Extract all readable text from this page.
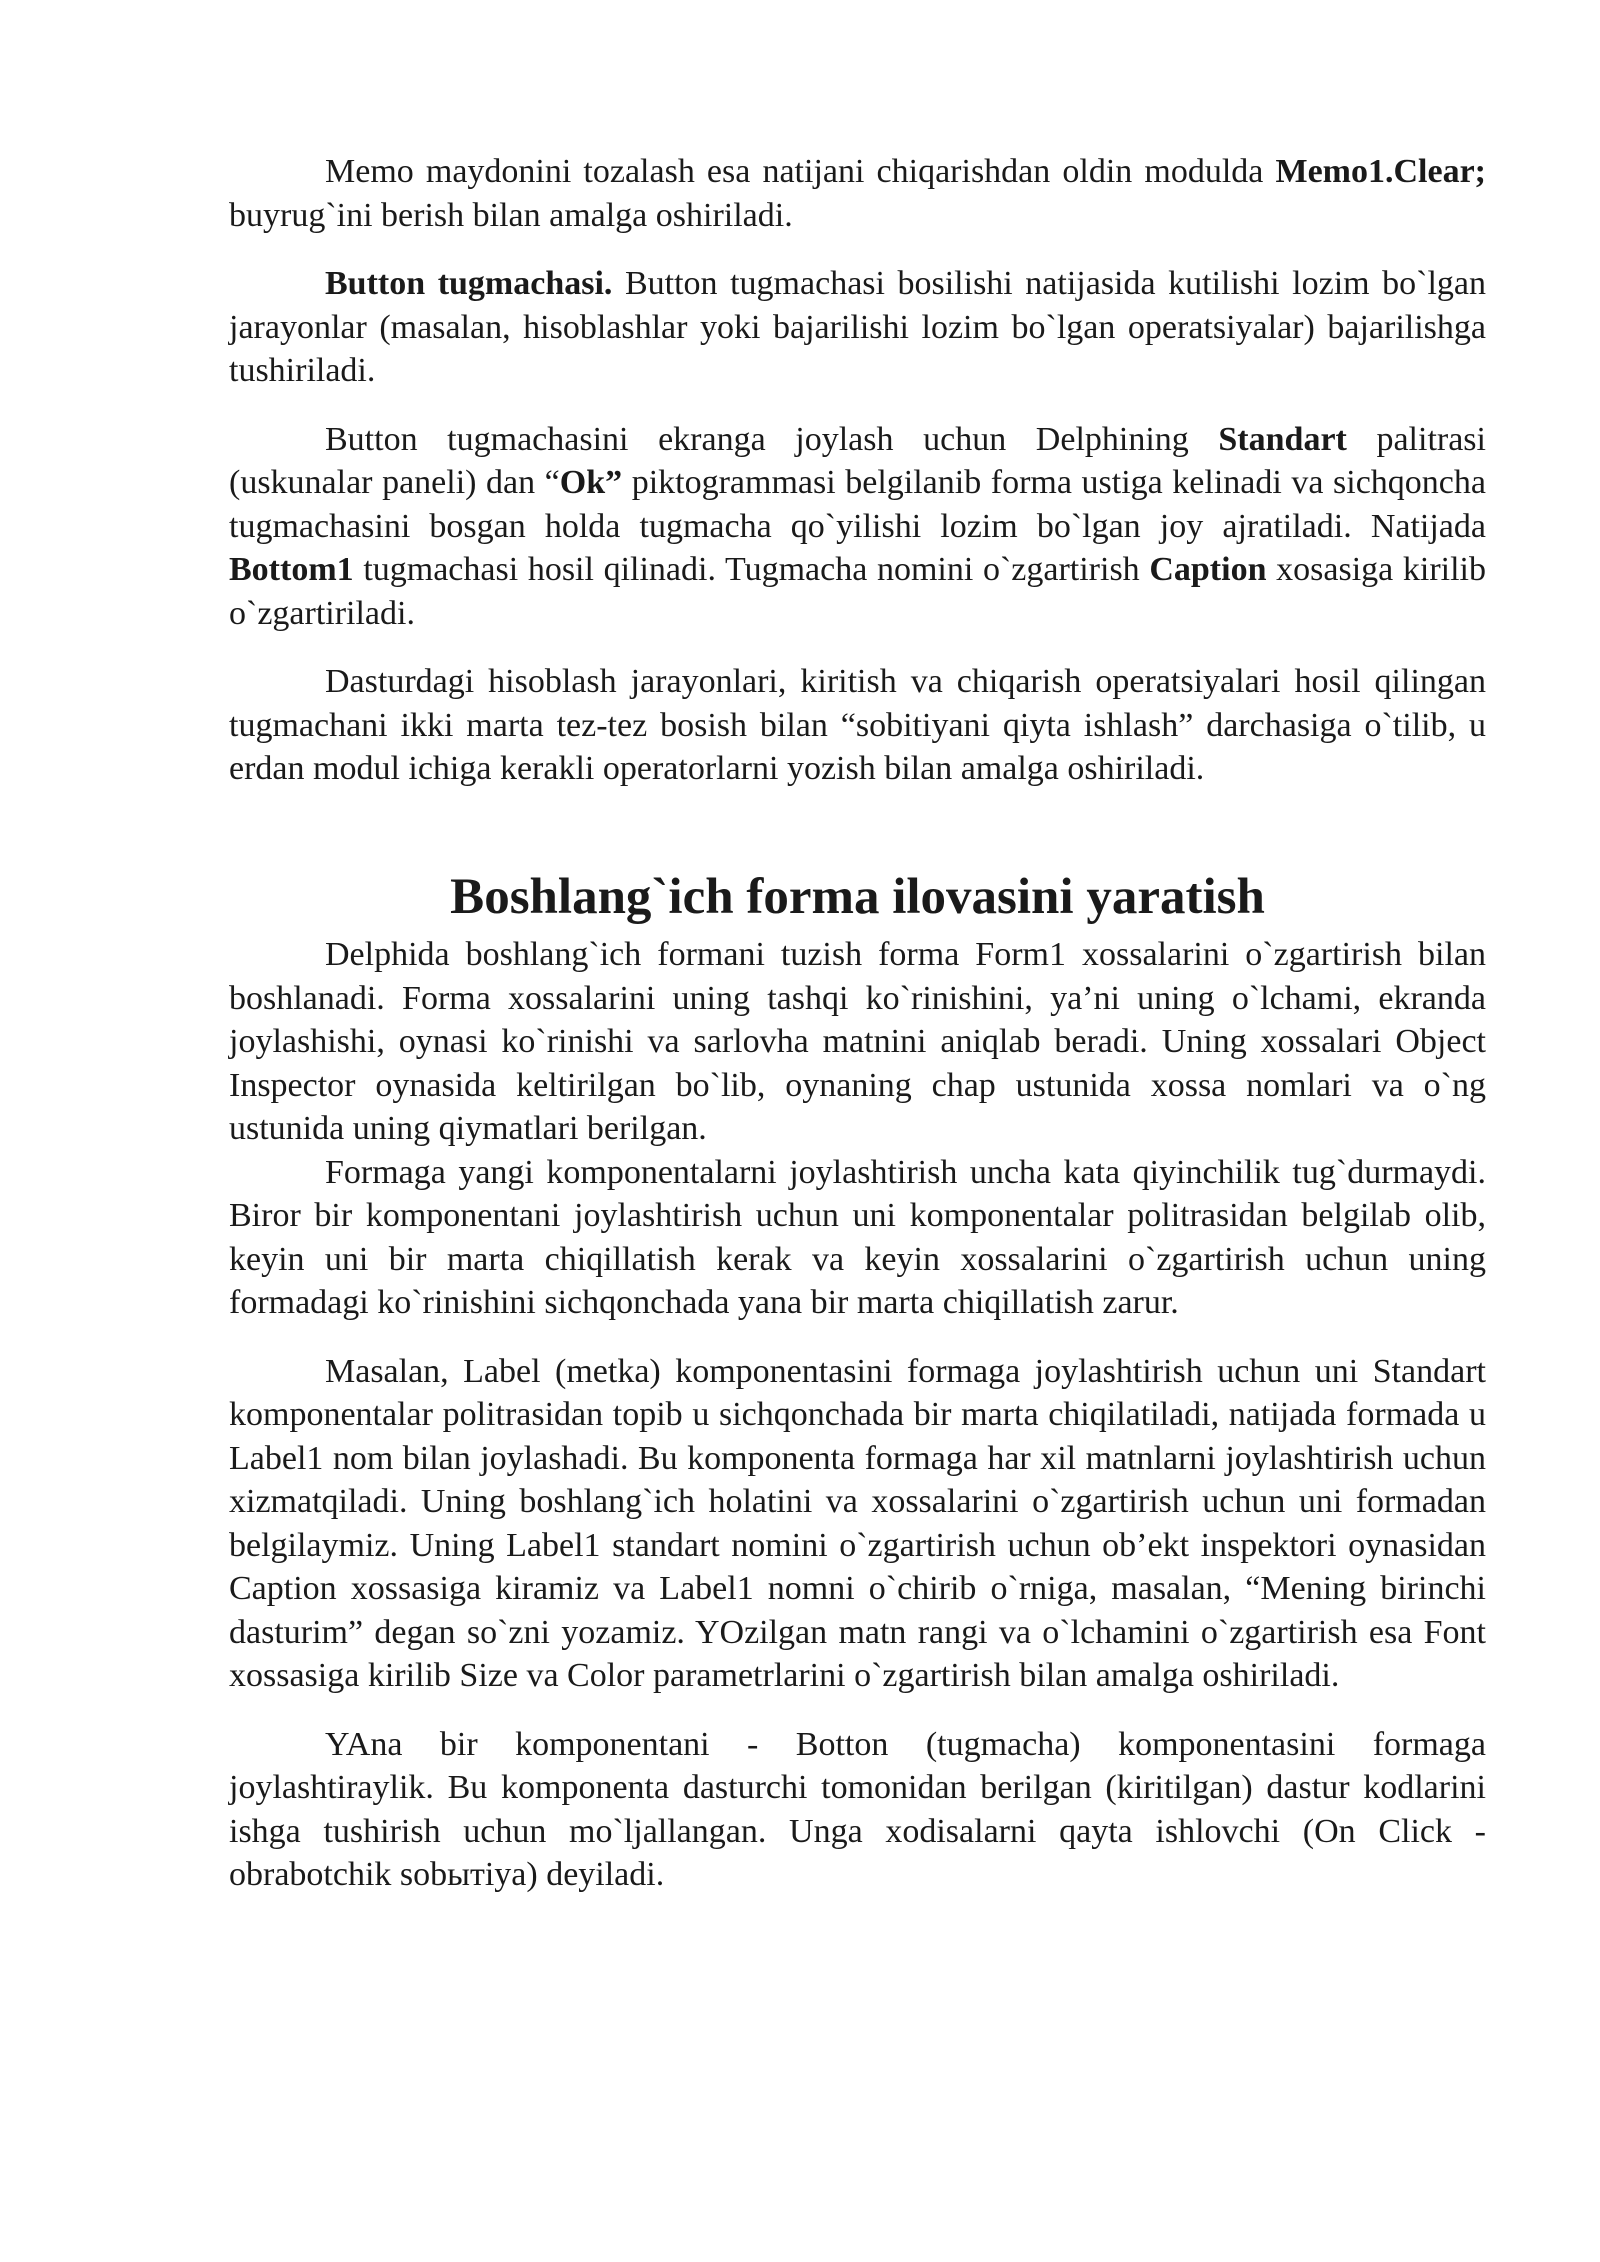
Memo maydonini tozalash esa natijani chiqarishdan oldin modulda Memo1.Clear; buyrug`ini berish bilan amalga oshiriladi.

Button tugmachasi. Button tugmachasi bosilishi natijasida kutilishi lozim bo`lgan jarayonlar (masalan, hisoblashlar yoki bajarilishi lozim bo`lgan operatsiyalar) bajarilishga tushiriladi.

Button tugmachasini ekranga joylash uchun Delphining Standart palitrasi (uskunalar paneli) dan “Ok” piktogrammasi belgilanib forma ustiga kelinadi va sichqoncha tugmachasini bosgan holda tugmacha qo`yilishi lozim bo`lgan joy ajratiladi. Natijada Bottom1 tugmachasi hosil qilinadi. Tugmacha nomini o`zgartirish Caption xosasiga kirilib o`zgartiriladi.

Dasturdagi hisoblash jarayonlari, kiritish va chiqarish operatsiyalari hosil qilingan tugmachani ikki marta tez-tez bosish bilan “sobitiyani qiyta ishlash” darchasiga o`tilib, u erdan modul ichiga kerakli operatorlarni yozish bilan amalga oshiriladi.

Boshlang`ich forma ilovasini yaratish

Delphida boshlang`ich formani tuzish forma Form1 xossalarini o`zgartirish bilan boshlanadi. Forma xossalarini uning tashqi ko`rinishini, ya’ni uning o`lchami, ekranda joylashishi, oynasi ko`rinishi va sarlovha matnini aniqlab beradi. Uning xossalari Object Inspector oynasida keltirilgan bo`lib, oynaning chap ustunida xossa nomlari va o`ng ustunida uning qiymatlari berilgan.

Formaga yangi komponentalarni joylashtirish uncha kata qiyinchilik tug`durmaydi. Biror bir komponentani joylashtirish uchun uni komponentalar politrasidan belgilab olib, keyin uni bir marta chiqillatish kerak va keyin xossalarini o`zgartirish uchun uning formadagi ko`rinishini sichqonchada yana bir marta chiqillatish zarur.

Masalan, Label (metka) komponentasini formaga joylashtirish uchun uni Standart komponentalar politrasidan topib u sichqonchada bir marta chiqilatiladi, natijada formada u Label1 nom bilan joylashadi. Bu komponenta formaga har xil matnlarni joylashtirish uchun xizmatqiladi. Uning boshlang`ich holatini va xossalarini o`zgartirish uchun uni formadan belgilaymiz. Uning Label1 standart nomini o`zgartirish uchun ob’ekt inspektori oynasidan Caption xossasiga kiramiz va Label1 nomni o`chirib o`rniga, masalan, “Mening birinchi dasturim” degan so`zni yozamiz. YOzilgan matn rangi va o`lchamini o`zgartirish esa Font xossasiga kirilib Size va Color parametrlarini o`zgartirish bilan amalga oshiriladi.

YAna bir komponentani - Botton (tugmacha) komponentasini formaga joylashtiraylik. Bu komponenta dasturchi tomonidan berilgan (kiritilgan) dastur kodlarini ishga tushirish uchun mo`ljallangan. Unga xodisalarni qayta ishlovchi (On Click - obrabotchik sobытiya) deyiladi.
